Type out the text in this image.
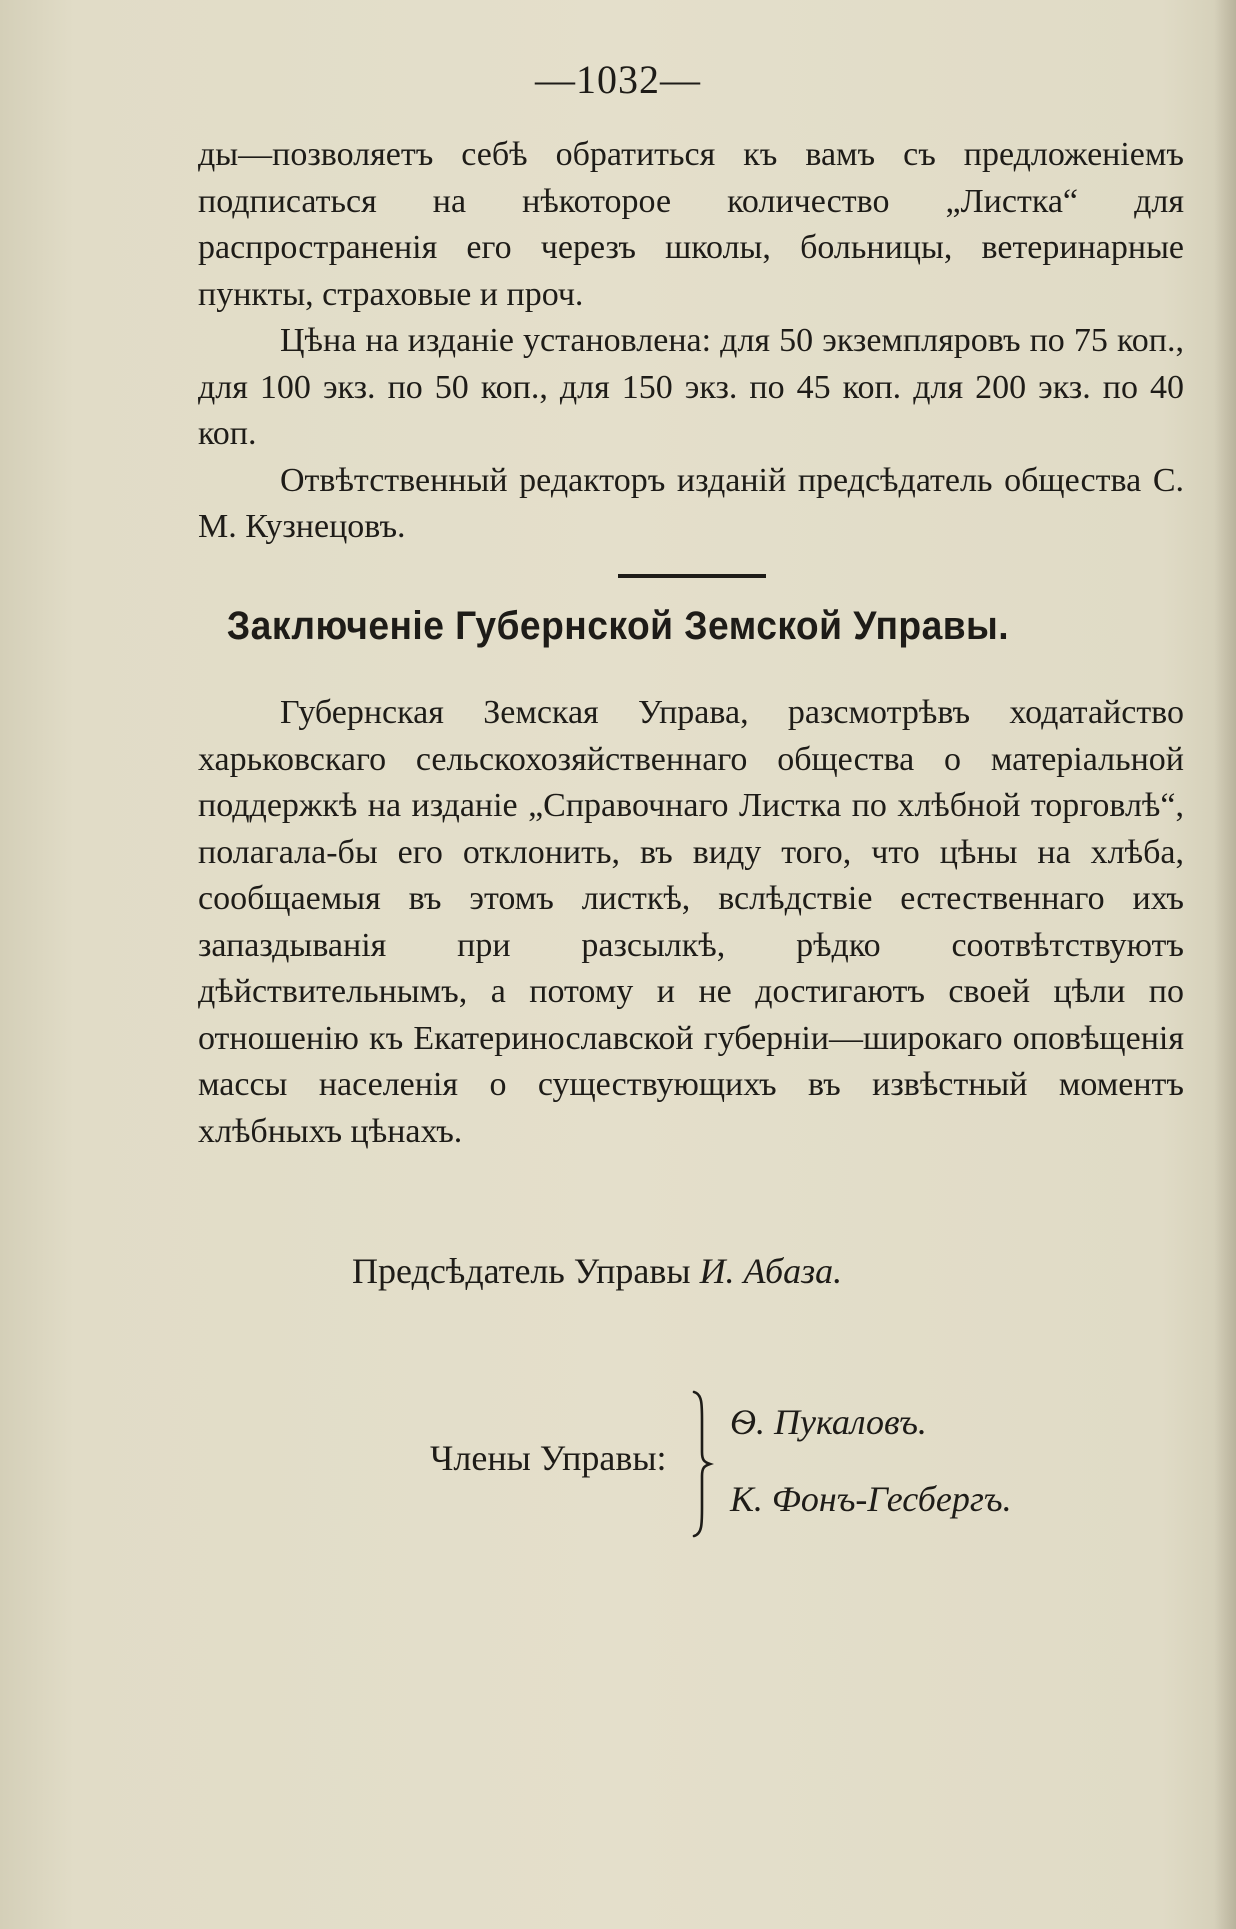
—1032—

ды—позволяетъ себѣ обратиться къ вамъ съ предложеніемъ подписаться на нѣкоторое количество „Листка“ для распространенія его черезъ школы, больницы, ветеринарные пункты, страховые и проч.

Цѣна на изданіе установлена: для 50 экземпляровъ по 75 коп., для 100 экз. по 50 коп., для 150 экз. по 45 коп. для 200 экз. по 40 коп.

Отвѣтственный редакторъ изданій предсѣдатель общества С. М. Кузнецовъ.

Заключеніе Губернской Земской Управы.

Губернская Земская Управа, разсмотрѣвъ ходатайство харьковскаго сельскохозяйственнаго общества о матеріальной поддержкѣ на изданіе „Справочнаго Листка по хлѣбной торговлѣ“, полагала-бы его отклонить, въ виду того, что цѣны на хлѣба, сообщаемыя въ этомъ листкѣ, вслѣдствіе естественнаго ихъ запаздыванія при разсылкѣ, рѣдко соотвѣтствуютъ дѣйствительнымъ, а потому и не достигаютъ своей цѣли по отношенію къ Екатеринославской губерніи—широкаго оповѣщенія массы населенія о существующихъ въ извѣстный моментъ хлѣбныхъ цѣнахъ.

Предсѣдатель Управы И. Абаза.
Члены Управы:
Ѳ. Пукаловъ.
К. Фонъ-Гесбергъ.
